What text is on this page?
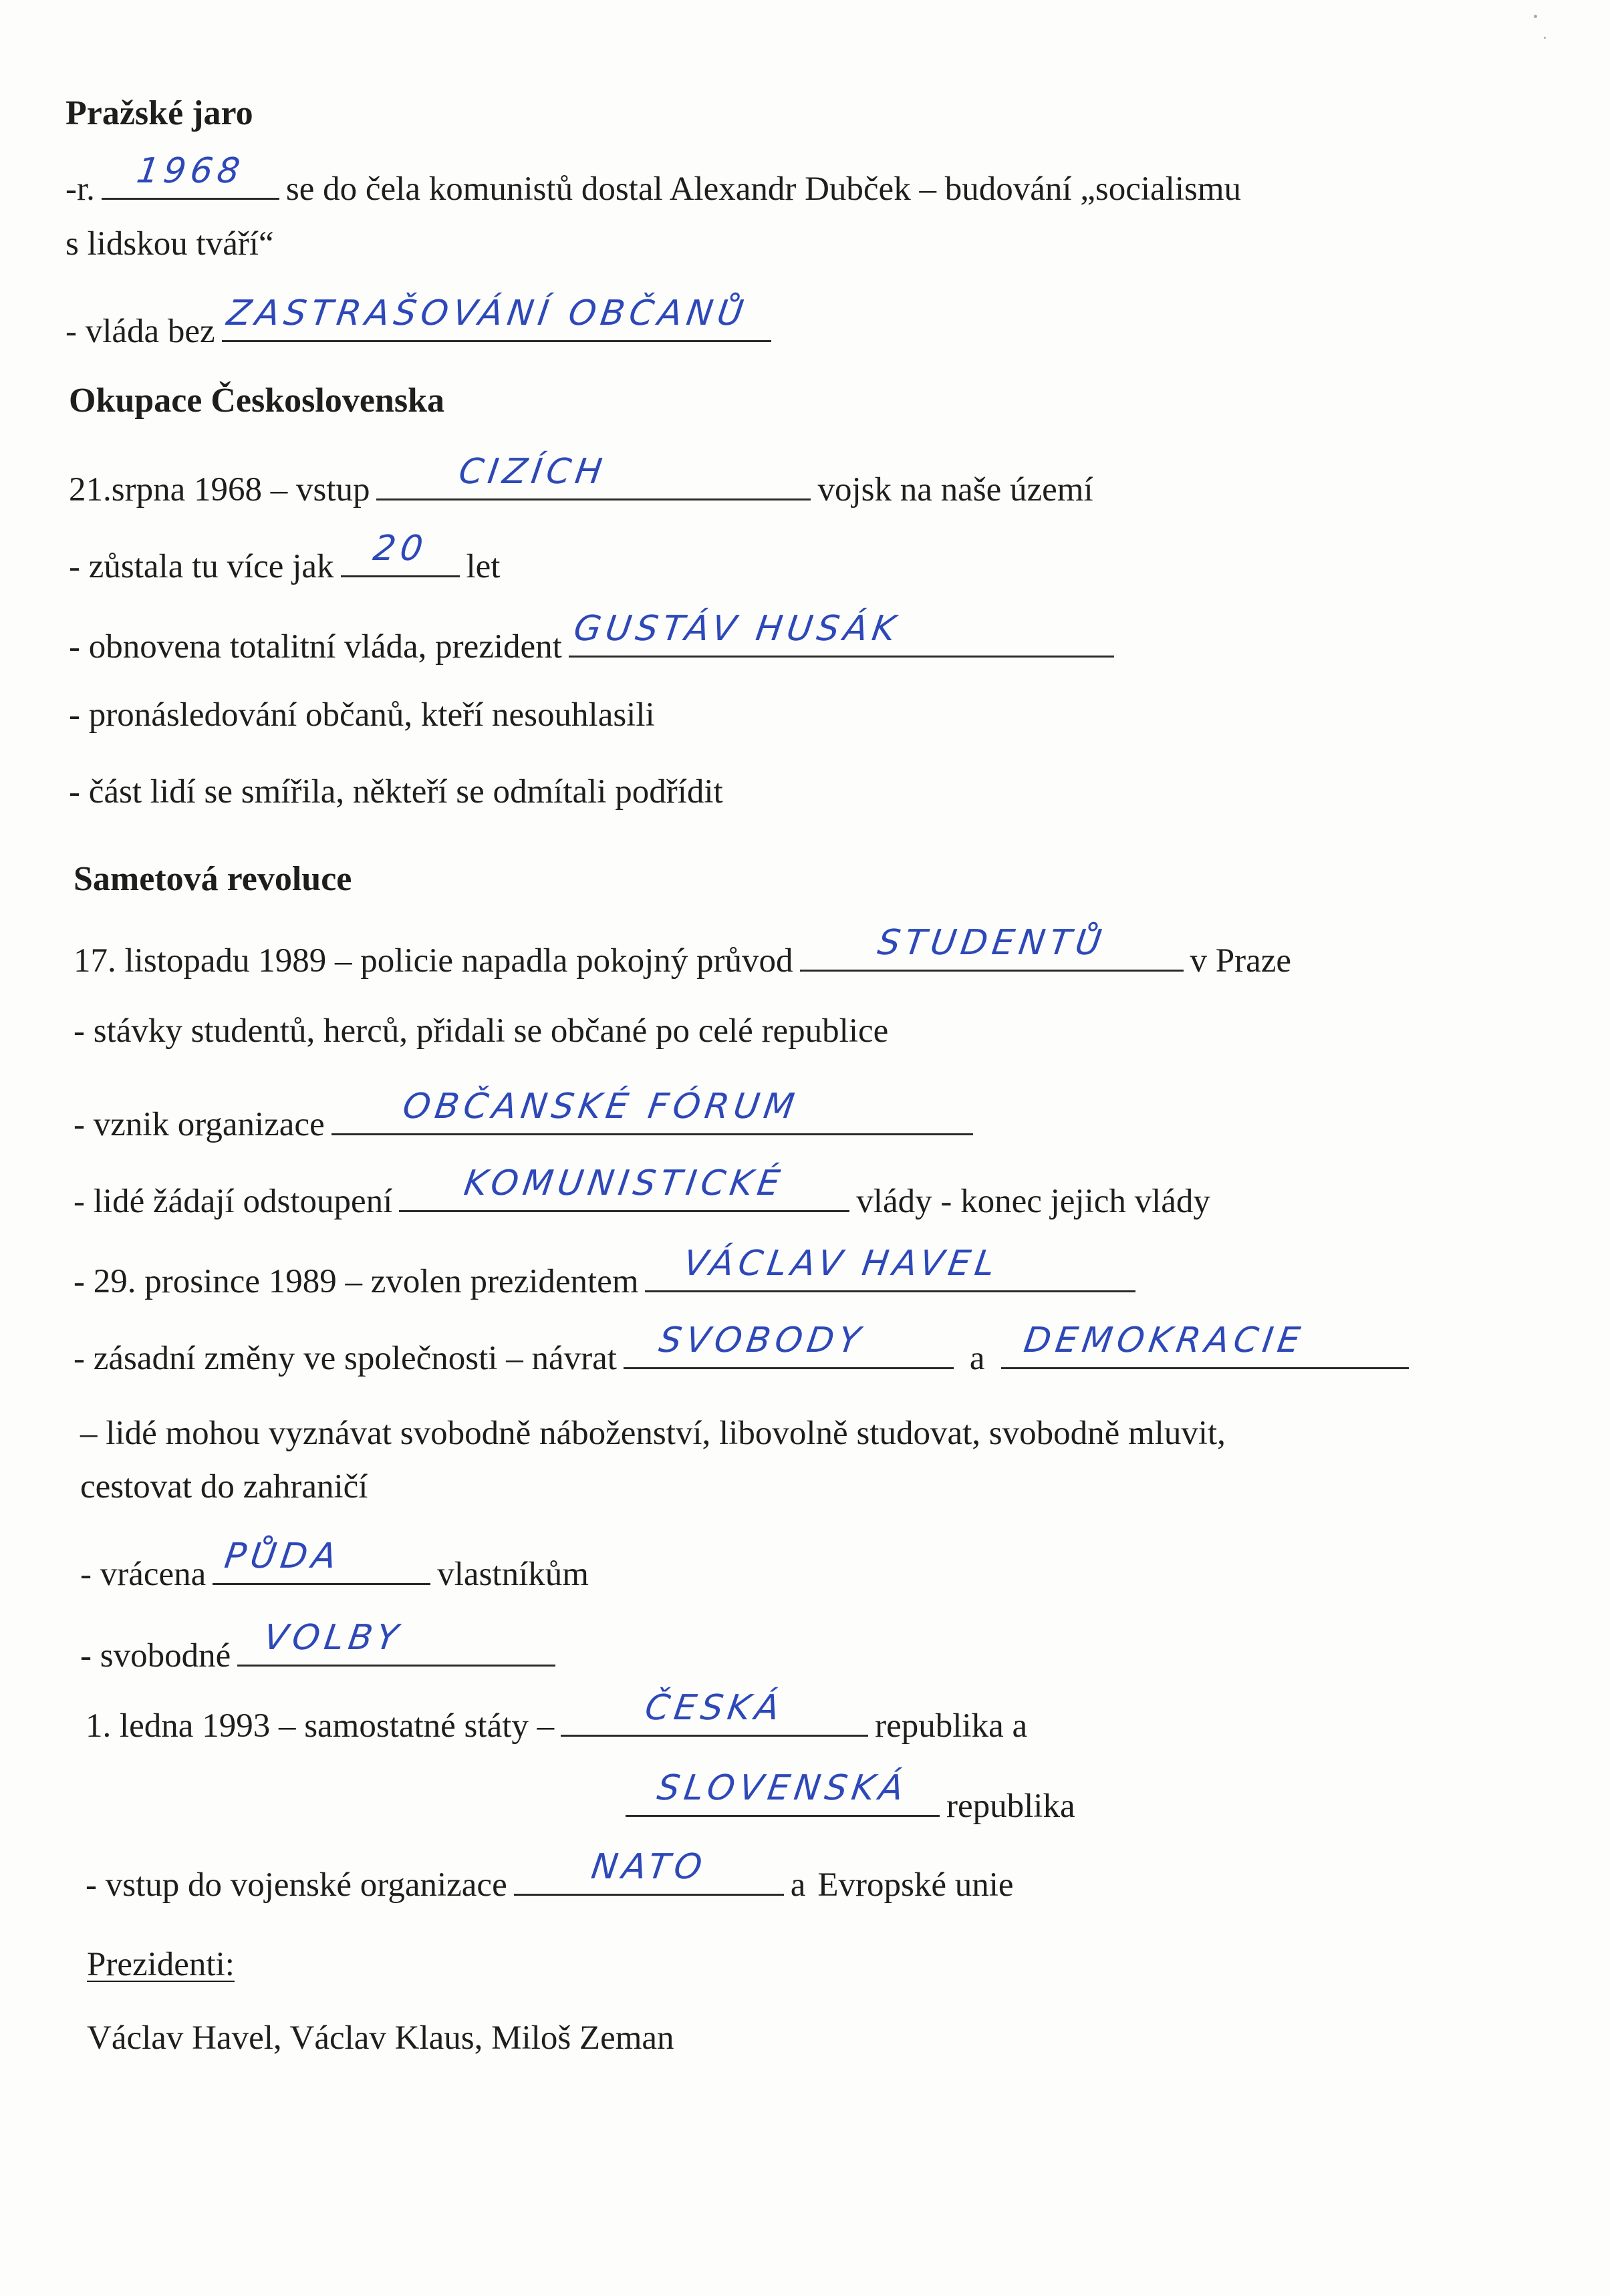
Pražské jaro
-r. 1968 se do čela komunistů dostal Alexandr Dubček – budování „socialismu
s lidskou tváří“
- vláda bez ZASTRAŠOVÁNÍ OBČANŮ
Okupace Československa
21.srpna 1968 – vstup CIZÍCH	vojsk na naše území
- zůstala tu více jak 20 let
- obnovena totalitní vláda, prezident GUSTÁV HUSÁK
- pronásledování občanů, kteří nesouhlasili
- část lidí se smířila, někteří se odmítali podřídit
Sametová revoluce
17. listopadu 1989 – policie napadla pokojný průvod STUDENTŮ v Praze
- stávky studentů, herců, přidali se občané po celé republice
- vznik organizace OBČANSKÉ FÓRUM
- lidé žádají odstoupení KOMUNISTICKÉ vlády - konec jejich vlády
- 29. prosince 1989 – zvolen prezidentem VÁCLAV HAVEL
- zásadní změny ve společnosti – návrat SVOBODY	a DEMOKRACIE
– lidé mohou vyznávat svobodně náboženství, libovolně studovat, svobodně mluvit,
cestovat do zahraničí
- vrácena PŮDA	vlastníkům
- svobodné VOLBY
1. ledna 1993 – samostatné státy –	ČESKÁ	republika a
SLOVENSKÁ republika
- vstup do vojenské organizace NATO a Evropské unie
Prezidenti:
Václav Havel, Václav Klaus, Miloš Zeman
